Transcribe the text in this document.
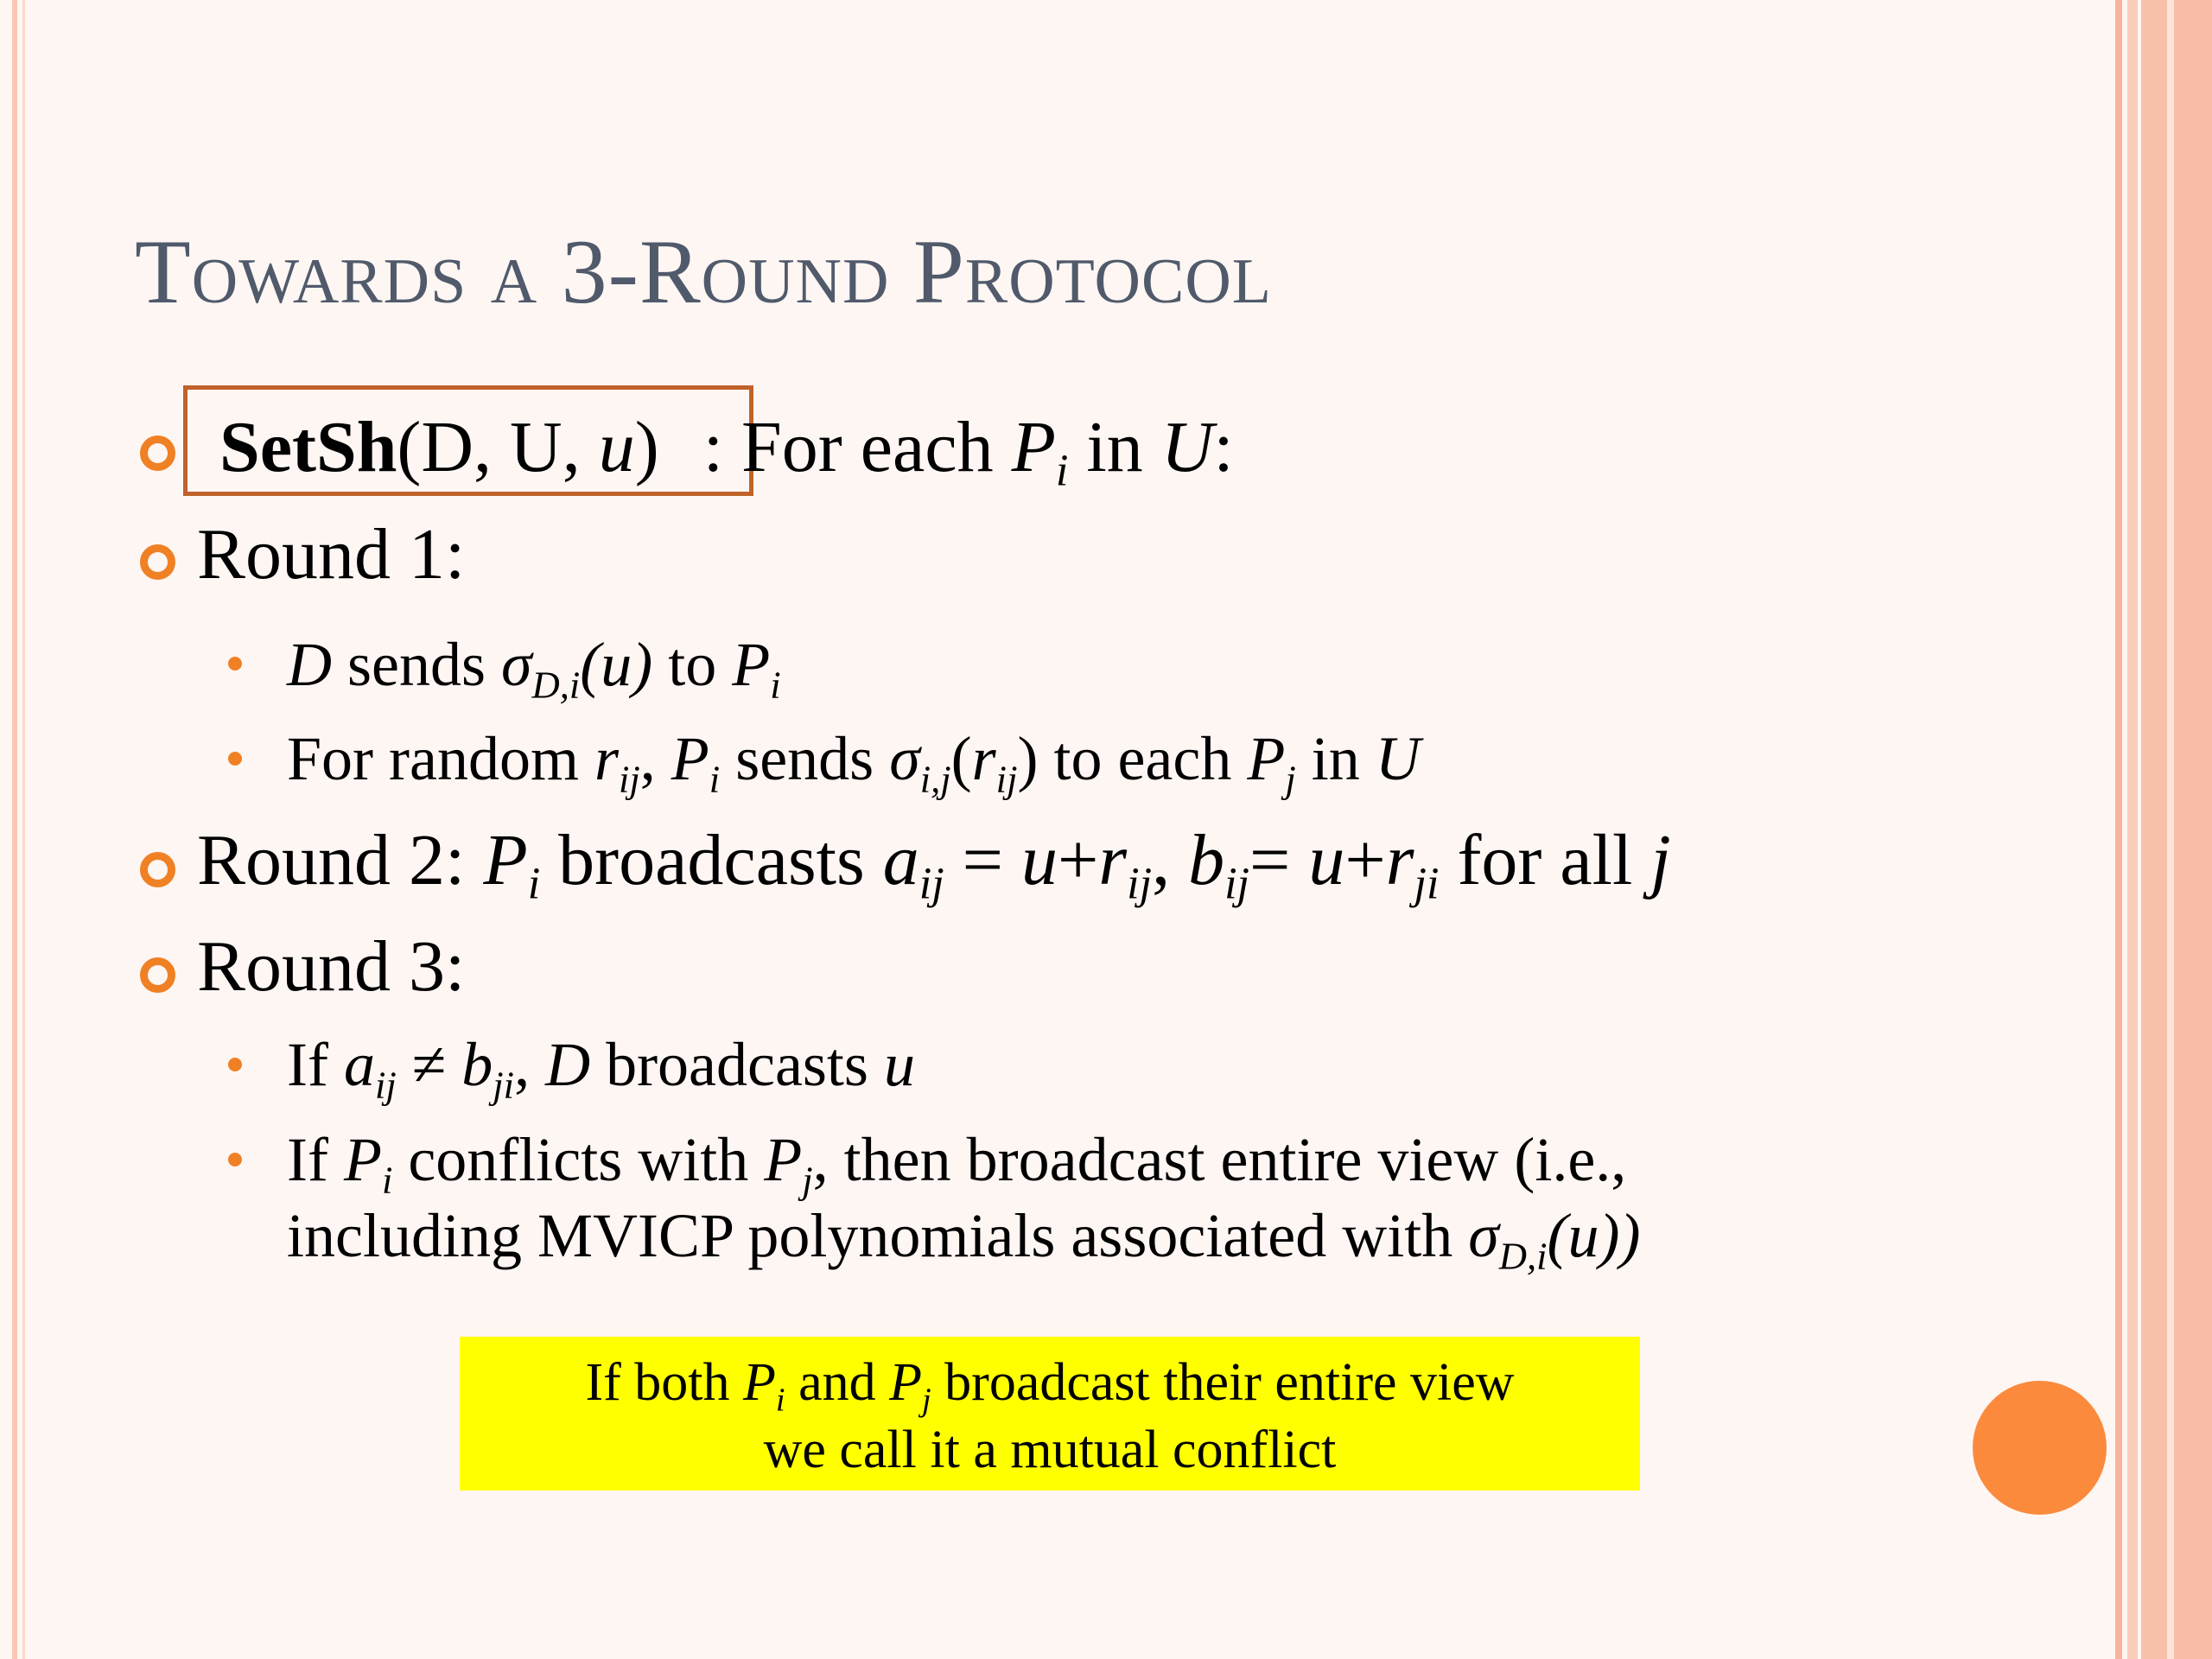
Towards a 3-Round Protocol
SetSh(D, U, u) : For each $P_i$ in U:
Round 1:
D sends $\sigma_{D,i}(u)$ to $P_i$
For random $r_{ij}$, $P_i$ sends $\sigma_{i,j}(r_{ij})$ to each $P_j$ in U
Round 2: $P_i$ broadcasts $a_{ij} = u+r_{ij}$, $b_{ij}= u+r_{ji}$ for all j
Round 3:
If $a_{ij} \ne b_{ji}$, D broadcasts u
If $P_i$ conflicts with $P_j$, then broadcast entire view (i.e.,
including MVICP polynomials associated with $\sigma_{D,i}(u)$)
If both $P_i$ and $P_j$ broadcast their entire view
we call it a mutual conflict
